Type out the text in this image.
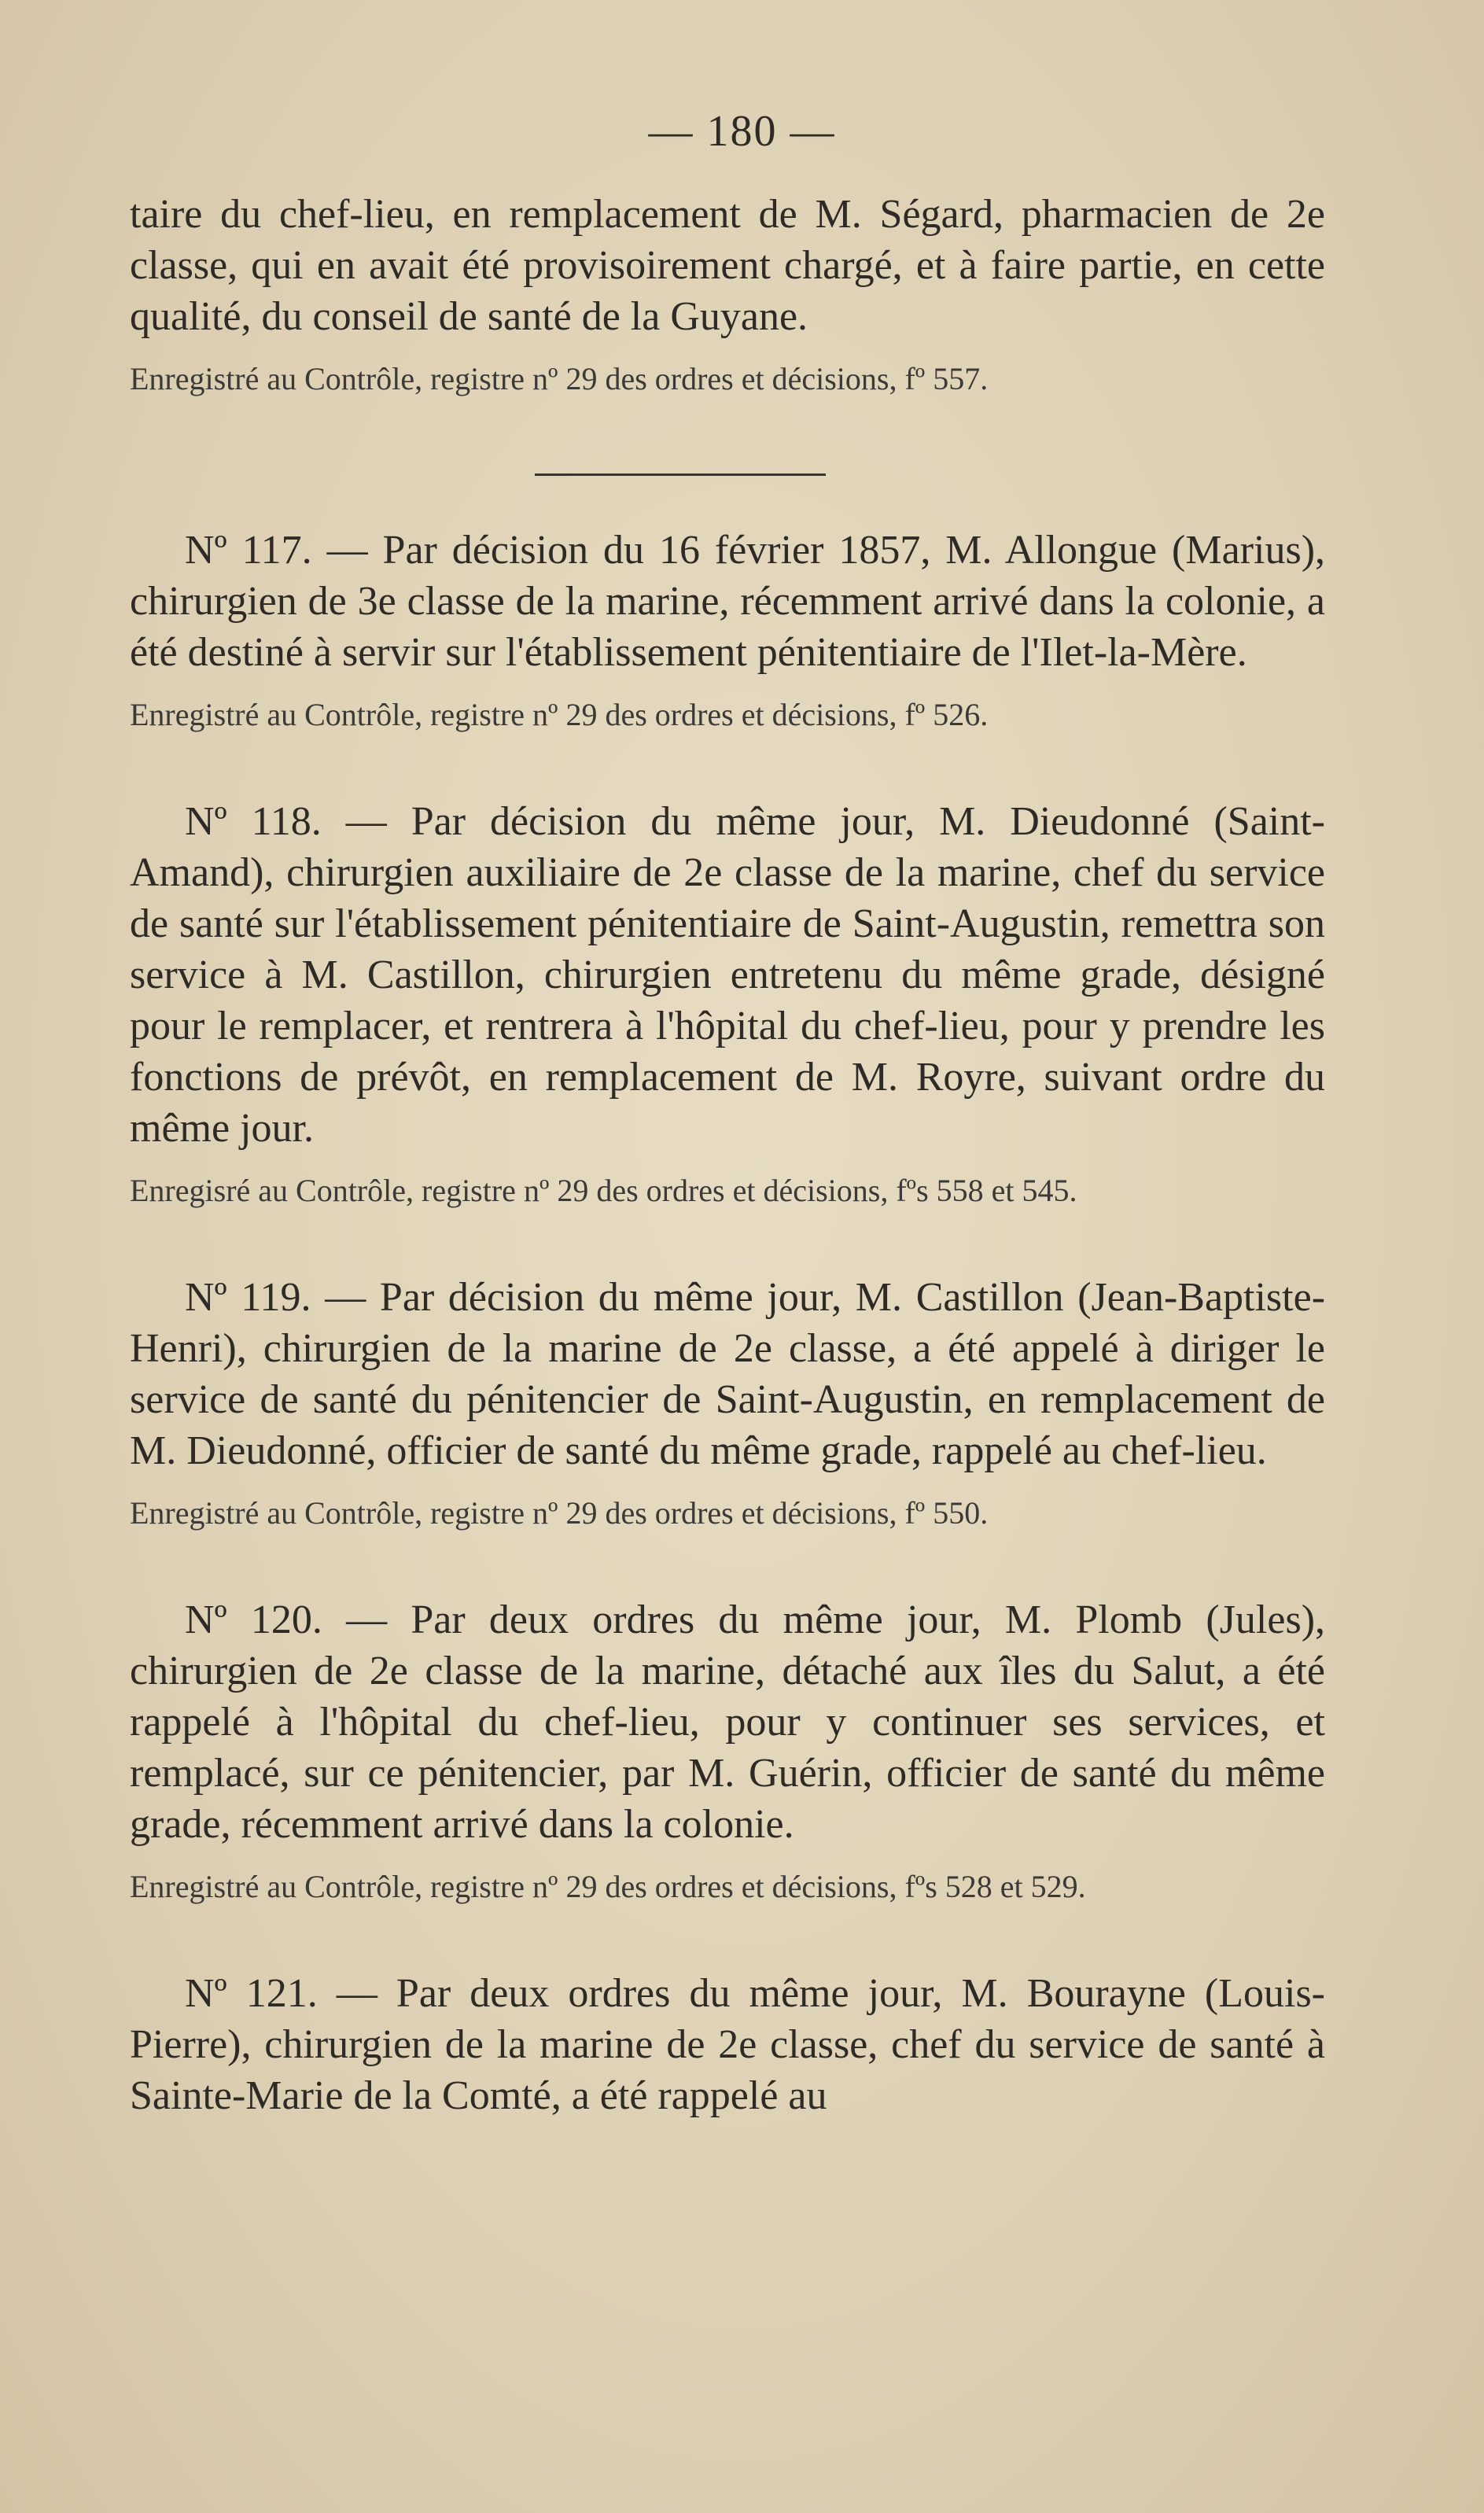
— 180 —

taire du chef-lieu, en remplacement de M. Ségard, pharmacien de 2e classe, qui en avait été provisoirement chargé, et à faire partie, en cette qualité, du conseil de santé de la Guyane.

Enregistré au Contrôle, registre nº 29 des ordres et décisions, fº 557.

Nº 117. — Par décision du 16 février 1857, M. Allongue (Marius), chirurgien de 3e classe de la marine, récemment arrivé dans la colonie, a été destiné à servir sur l'établissement pénitentiaire de l'Ilet-la-Mère.

Enregistré au Contrôle, registre nº 29 des ordres et décisions, fº 526.

Nº 118. — Par décision du même jour, M. Dieudonné (Saint-Amand), chirurgien auxiliaire de 2e classe de la marine, chef du service de santé sur l'établissement pénitentiaire de Saint-Augustin, remettra son service à M. Castillon, chirurgien entretenu du même grade, désigné pour le remplacer, et rentrera à l'hôpital du chef-lieu, pour y prendre les fonctions de prévôt, en remplacement de M. Royre, suivant ordre du même jour.

Enregisré au Contrôle, registre nº 29 des ordres et décisions, fºs 558 et 545.

Nº 119. — Par décision du même jour, M. Castillon (Jean-Baptiste-Henri), chirurgien de la marine de 2e classe, a été appelé à diriger le service de santé du pénitencier de Saint-Augustin, en remplacement de M. Dieudonné, officier de santé du même grade, rappelé au chef-lieu.

Enregistré au Contrôle, registre nº 29 des ordres et décisions, fº 550.

Nº 120. — Par deux ordres du même jour, M. Plomb (Jules), chirurgien de 2e classe de la marine, détaché aux îles du Salut, a été rappelé à l'hôpital du chef-lieu, pour y continuer ses services, et remplacé, sur ce pénitencier, par M. Guérin, officier de santé du même grade, récemment arrivé dans la colonie.

Enregistré au Contrôle, registre nº 29 des ordres et décisions, fºs 528 et 529.

Nº 121. — Par deux ordres du même jour, M. Bourayne (Louis-Pierre), chirurgien de la marine de 2e classe, chef du service de santé à Sainte-Marie de la Comté, a été rappelé au
